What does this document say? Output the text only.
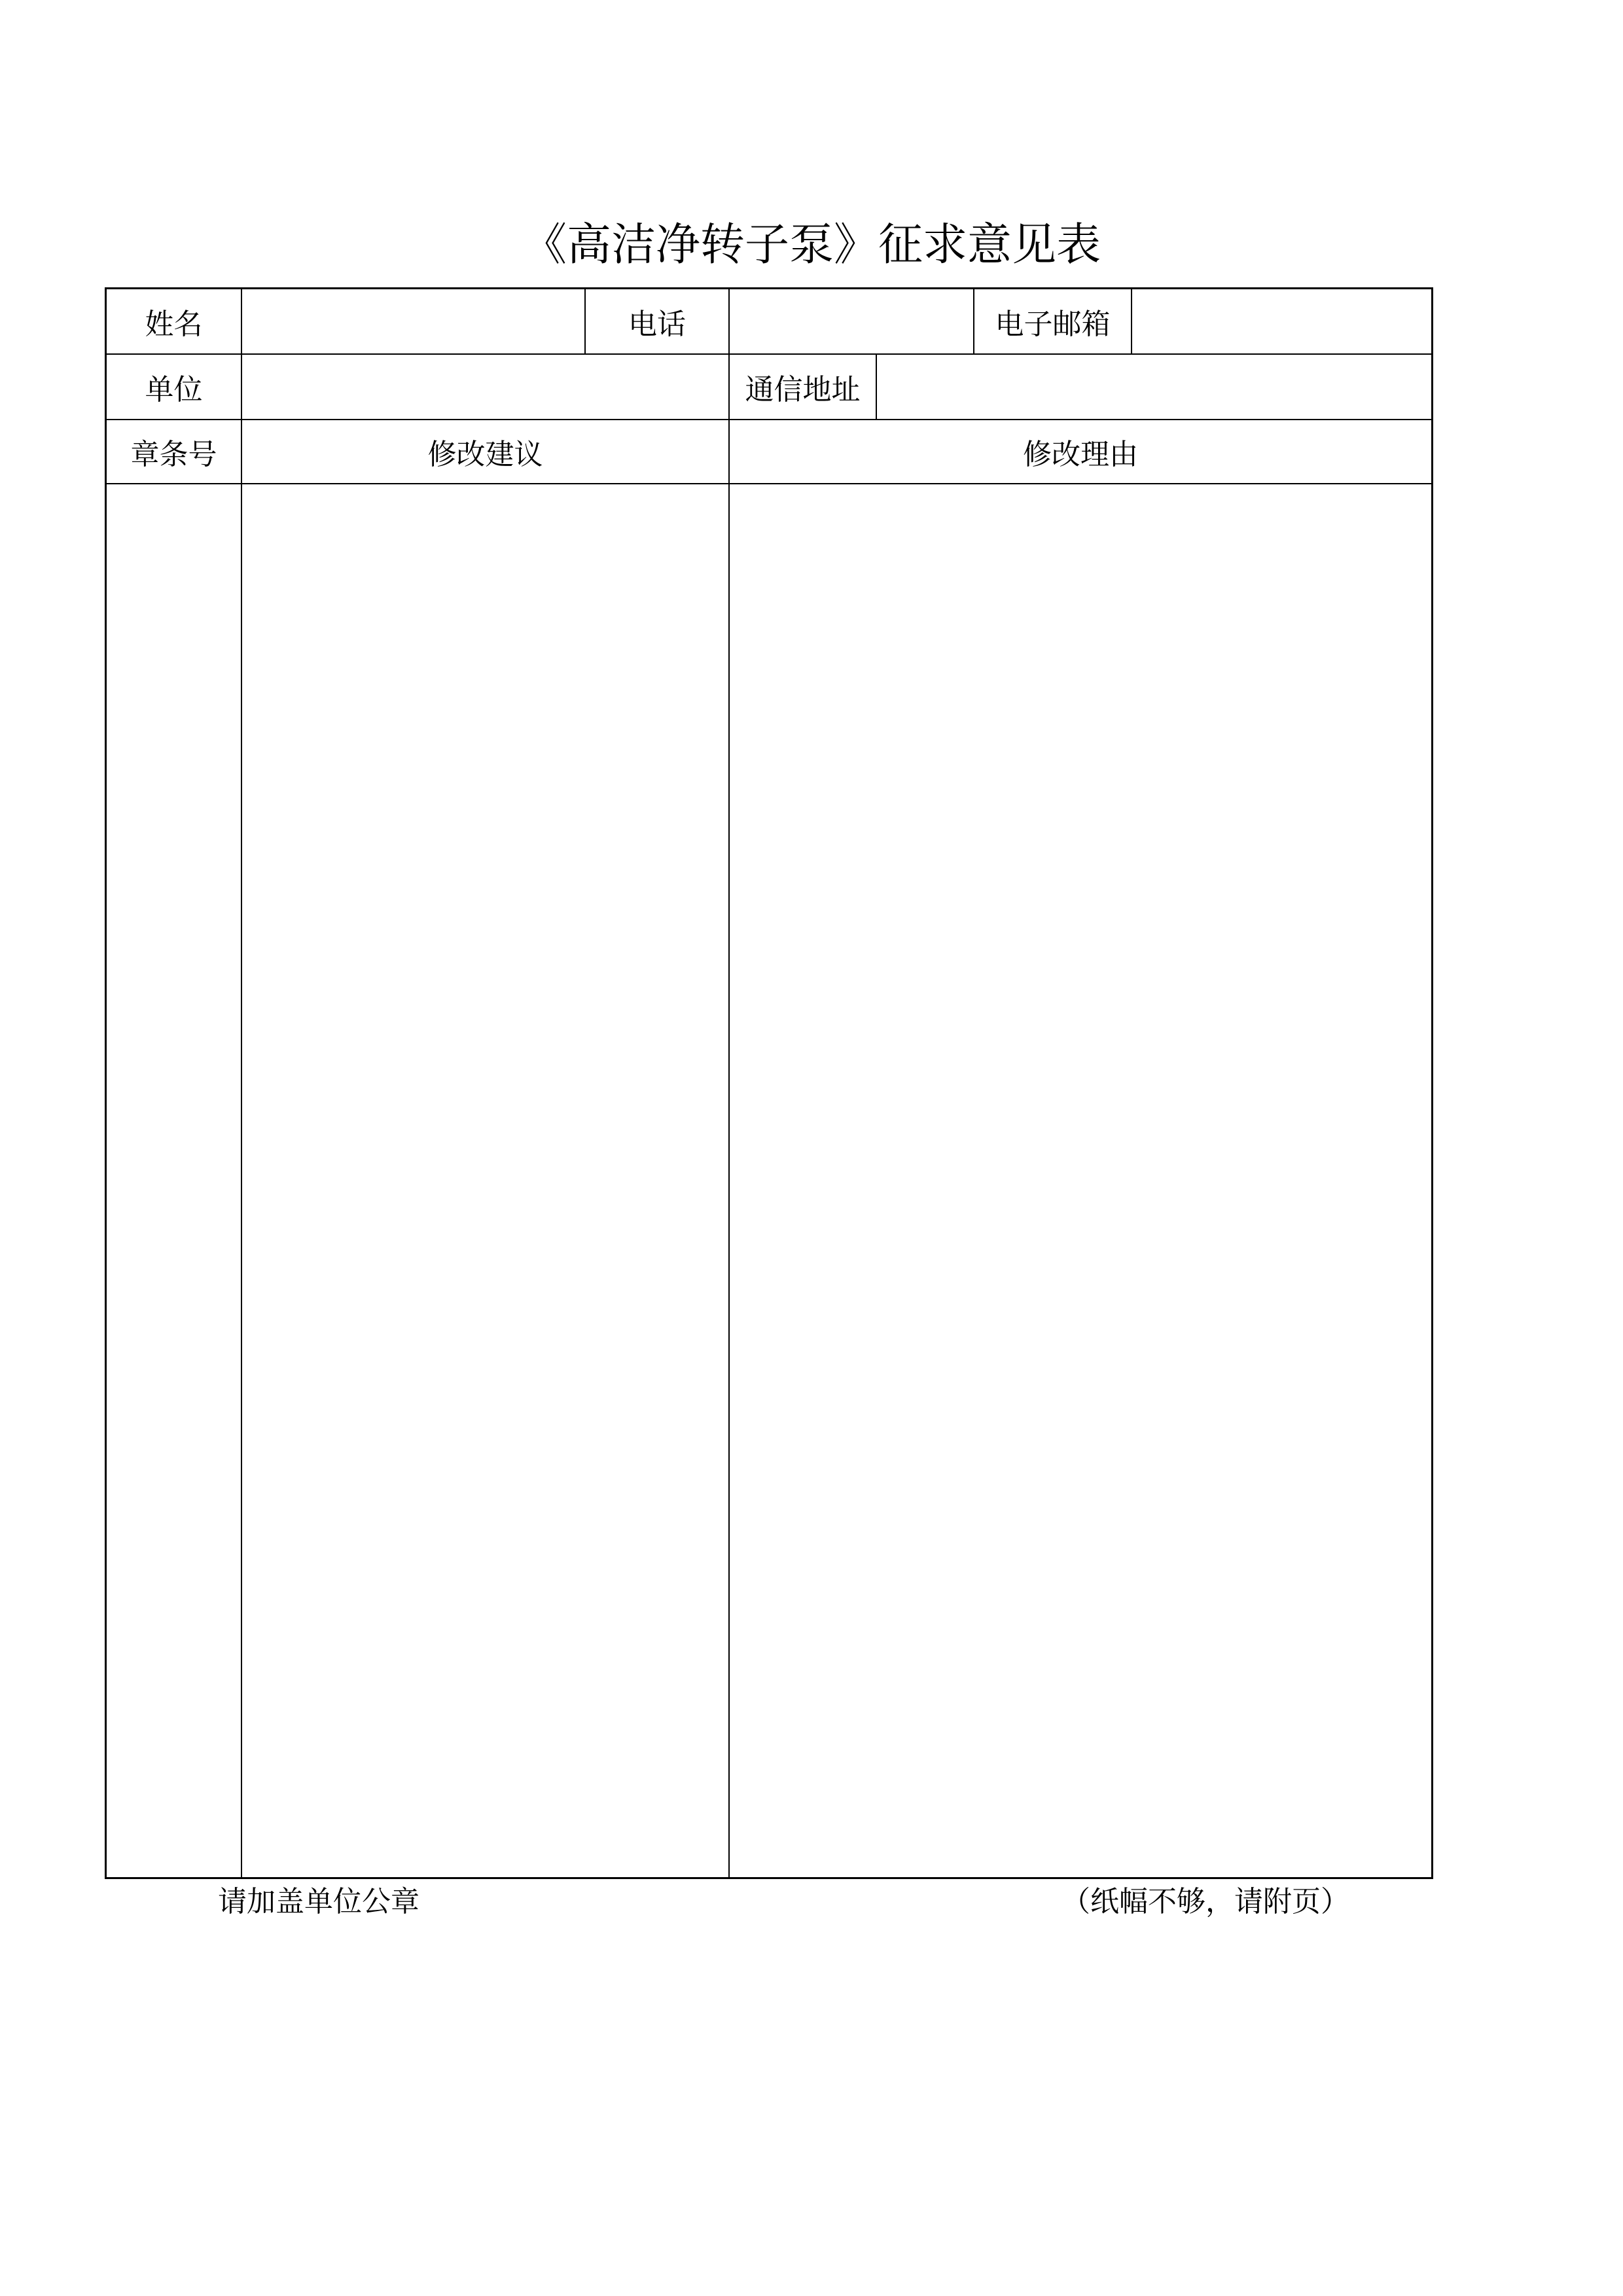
《高洁净转子泵》征求意见表
姓名	电话	电子邮箱
单位	通信地址
章条号	修改建议	修改理由
请加盖单位公章	（纸幅不够，请附页）
